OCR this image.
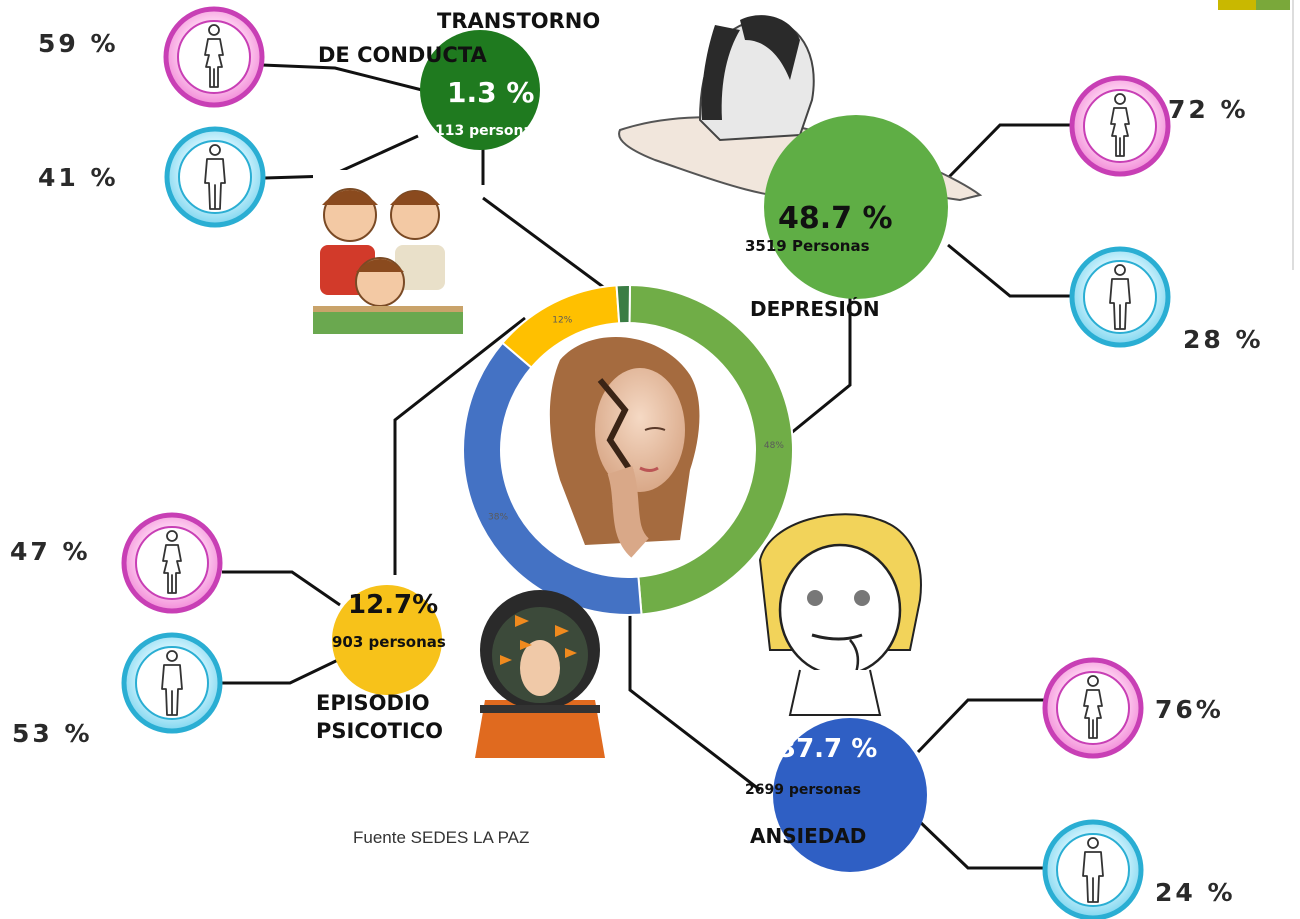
48%
38%
12%
TRANSTORNO
DE CONDUCTA
1.3 %
113 personas
48.7 %
3519 Personas
DEPRESIÓN
12.7%
903 personas
EPISODIO
PSICOTICO
37.7 %
2699 personas
ANSIEDAD
59 %
41 %
72 %
28 %
47 %
53 %
76%
24 %
Fuente SEDES LA PAZ
